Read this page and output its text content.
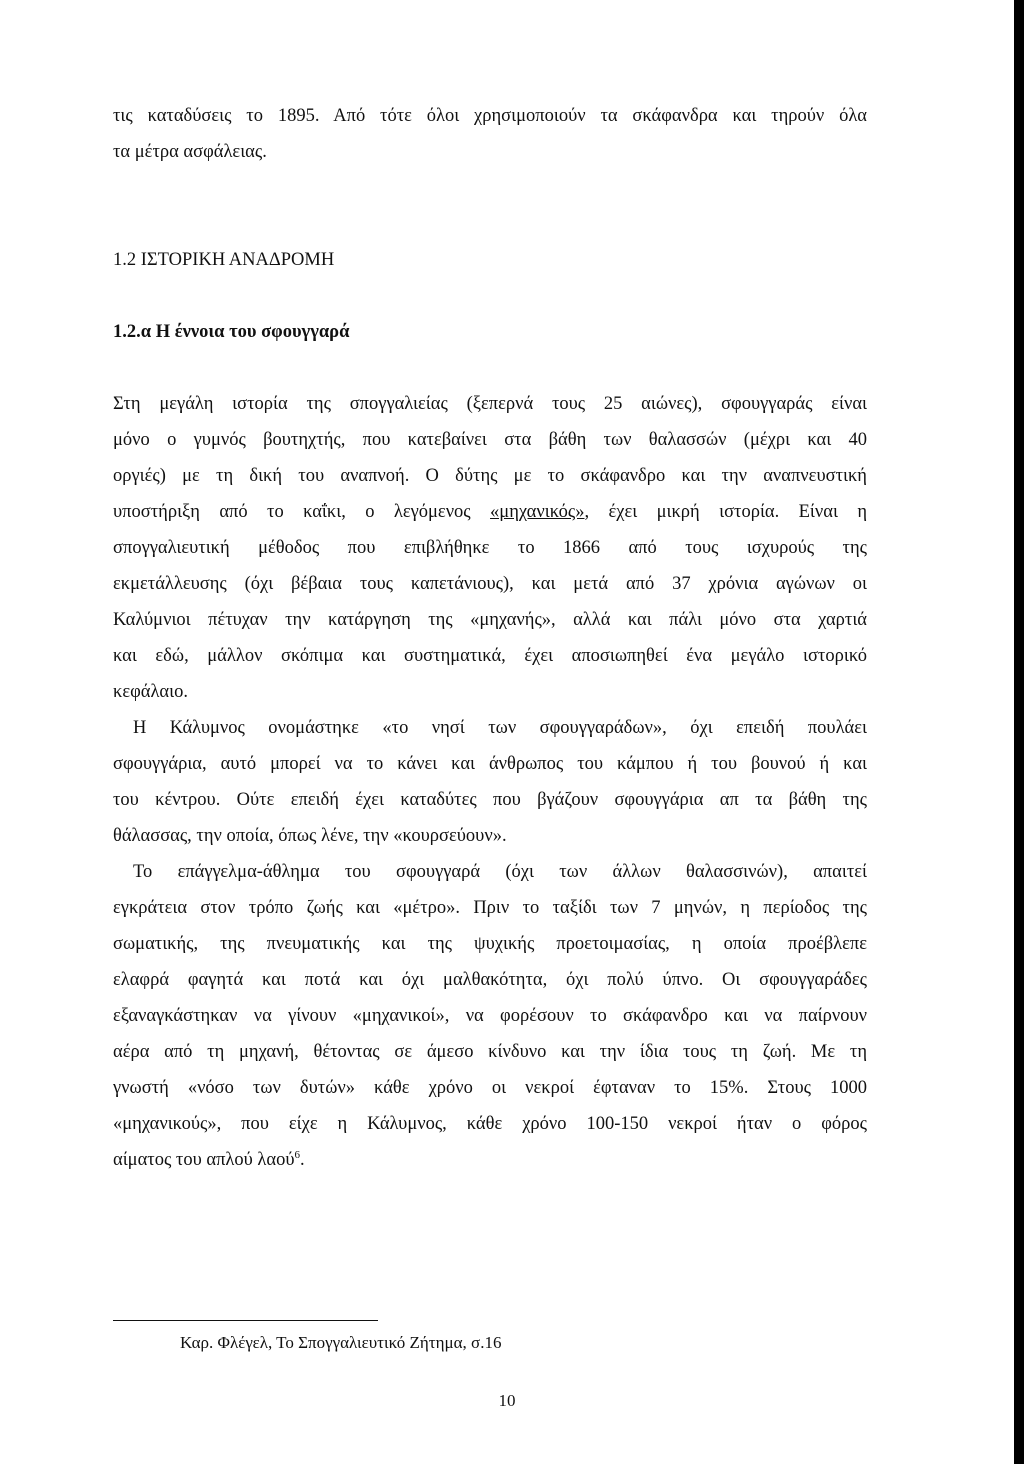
τις καταδύσεις το 1895. Από τότε όλοι χρησιμοποιούν τα σκάφανδρα και τηρούν όλα

τα μέτρα ασφάλειας.

1.2 ΙΣΤΟΡΙΚΗ ΑΝΑΔΡΟΜΗ

1.2.α Η έννοια του σφουγγαρά

Στη μεγάλη ιστορία της σπογγαλιείας (ξεπερνά τους 25 αιώνες), σφουγγαράς είναι

μόνο ο γυμνός βουτηχτής, που κατεβαίνει στα βάθη των θαλασσών (μέχρι και 40

οργιές) με τη δική του αναπνοή. Ο δύτης με το σκάφανδρο και την αναπνευστική

υποστήριξη από το καΐκι, ο λεγόμενος «μηχανικός», έχει μικρή ιστορία. Είναι η

σπογγαλιευτική μέθοδος που επιβλήθηκε το 1866 από τους ισχυρούς της

εκμετάλλευσης (όχι βέβαια τους καπετάνιους), και μετά από 37 χρόνια αγώνων οι

Καλύμνιοι πέτυχαν την κατάργηση της «μηχανής», αλλά και πάλι μόνο στα χαρτιά

και εδώ, μάλλον σκόπιμα και συστηματικά, έχει αποσιωπηθεί ένα μεγάλο ιστορικό

κεφάλαιο.

Η Κάλυμνος ονομάστηκε «το νησί των σφουγγαράδων», όχι επειδή πουλάει

σφουγγάρια, αυτό μπορεί να το κάνει και άνθρωπος του κάμπου ή του βουνού ή και

του κέντρου. Ούτε επειδή έχει καταδύτες που βγάζουν σφουγγάρια απ τα βάθη της

θάλασσας, την οποία, όπως λένε, την «κουρσεύουν».

Το επάγγελμα-άθλημα του σφουγγαρά (όχι των άλλων θαλασσινών), απαιτεί

εγκράτεια στον τρόπο ζωής και «μέτρο». Πριν το ταξίδι των 7 μηνών, η περίοδος της

σωματικής, της πνευματικής και της ψυχικής προετοιμασίας, η οποία προέβλεπε

ελαφρά φαγητά και ποτά και όχι μαλθακότητα, όχι πολύ ύπνο. Οι σφουγγαράδες

εξαναγκάστηκαν να γίνουν «μηχανικοί», να φορέσουν το σκάφανδρο και να παίρνουν

αέρα από τη μηχανή, θέτοντας σε άμεσο κίνδυνο και την ίδια τους τη ζωή. Με τη

γνωστή «νόσο των δυτών» κάθε χρόνο οι νεκροί έφταναν το 15%. Στους 1000

«μηχανικούς», που είχε η Κάλυμνος, κάθε χρόνο 100-150 νεκροί ήταν ο φόρος

αίματος του απλού λαού$^6$.

Καρ. Φλέγελ, Το Σπογγαλιευτικό Ζήτημα, σ.16
10
